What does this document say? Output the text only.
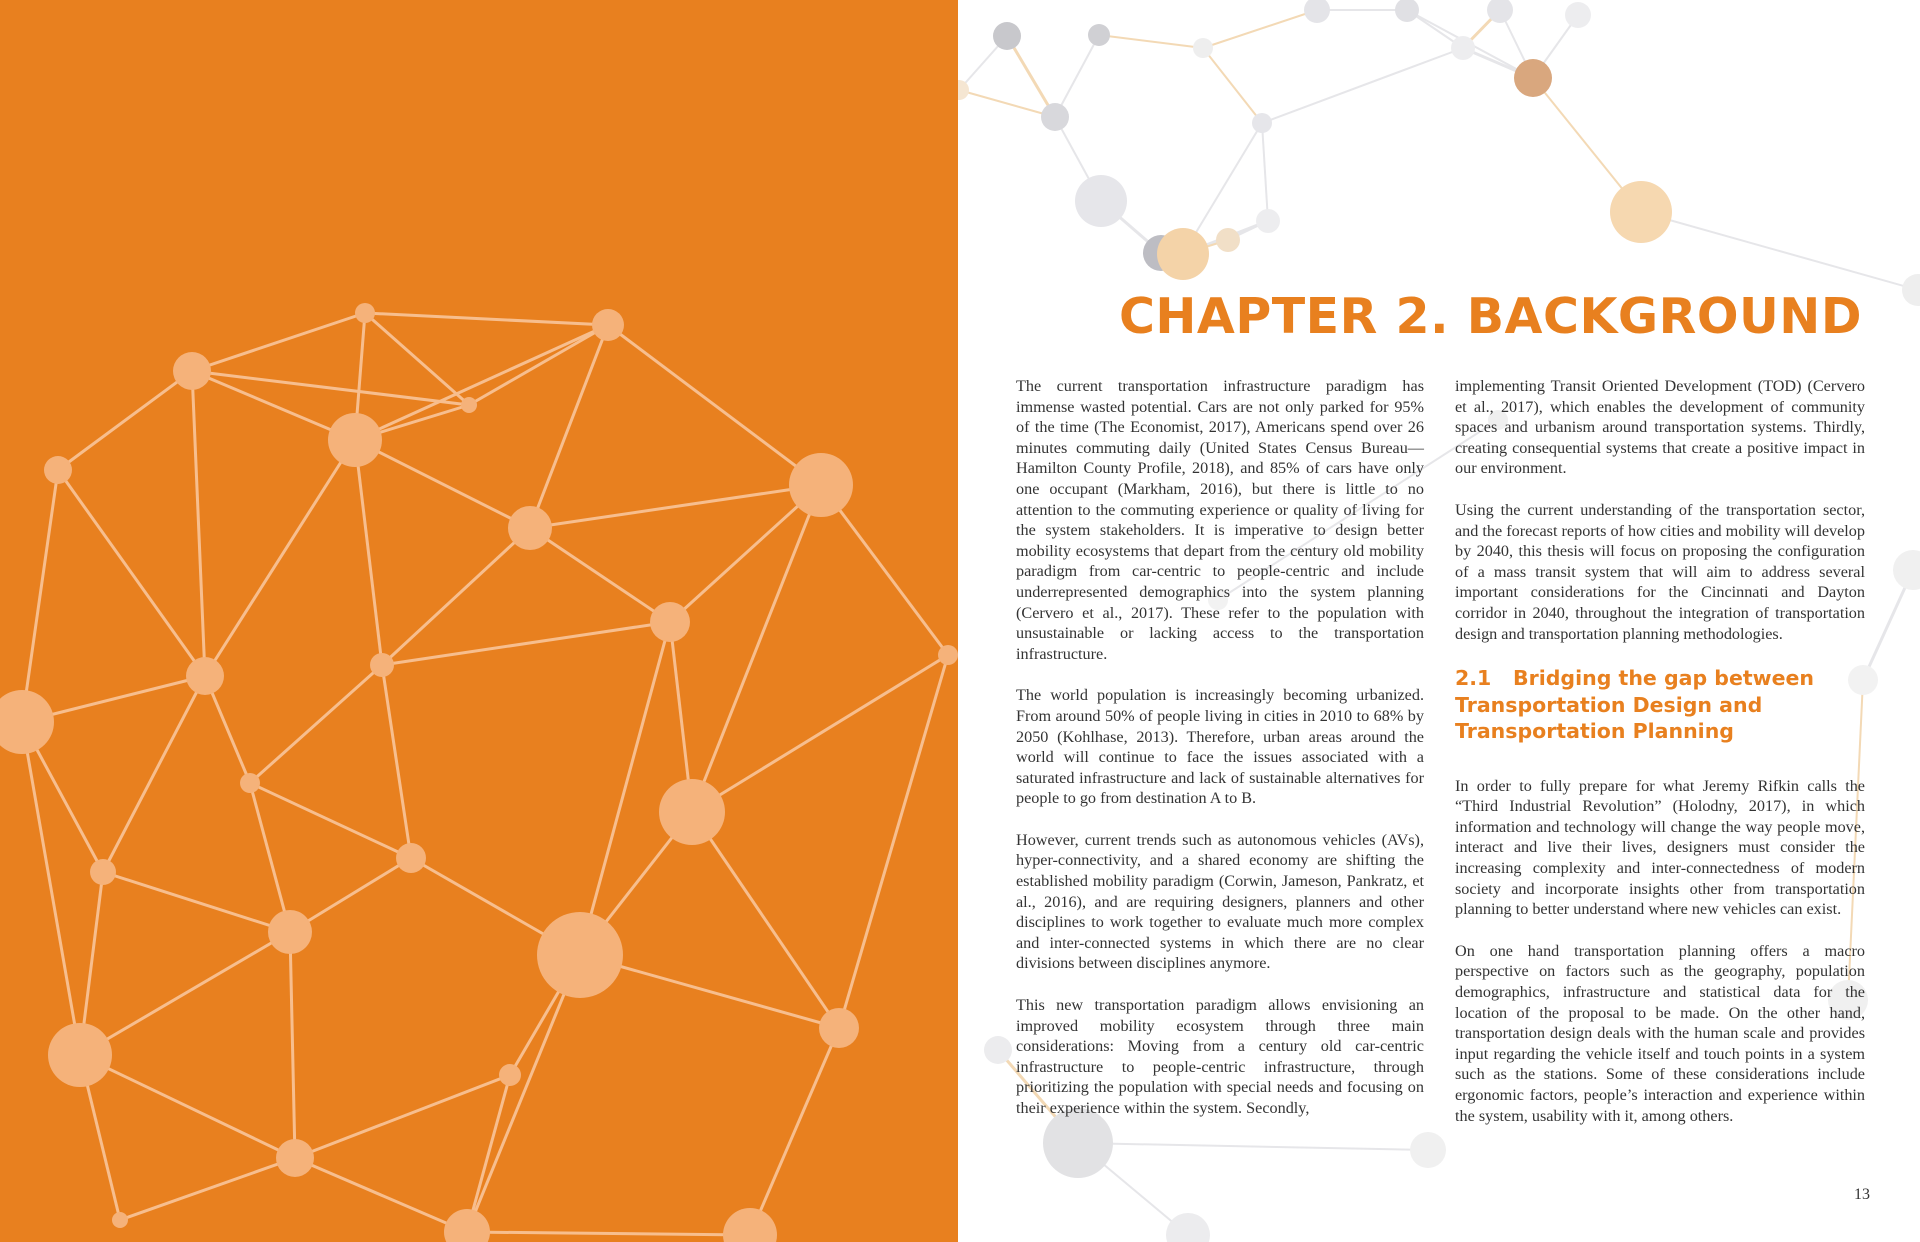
CHAPTER 2. BACKGROUND

The current transportation infrastructure paradigm has immense wasted potential. Cars are not only parked for 95% of the time (The Economist, 2017), Americans spend over 26 minutes commuting daily (United States Census Bureau—Hamilton County Profile, 2018), and 85% of cars have only one occupant (Markham, 2016), but there is little to no attention to the commuting experience or quality of living for the system stakeholders. It is imperative to design better mobility ecosystems that depart from the century old mobility paradigm from car-centric to people-centric and include underrepresented demographics into the system planning (Cervero et al., 2017). These refer to the population with unsustainable or lacking access to the transportation infrastructure.

The world population is increasingly becoming urbanized. From around 50% of people living in cities in 2010 to 68% by 2050 (Kohlhase, 2013). Therefore, urban areas around the world will continue to face the issues associated with a saturated infrastructure and lack of sustainable alternatives for people to go from destination A to B.

However, current trends such as autonomous vehicles (AVs), hyper-connectivity, and a shared economy are shifting the established mobility paradigm (Corwin, Jameson, Pankratz, et al., 2016), and are requiring designers, planners and other disciplines to work together to evaluate much more complex and inter-connected systems in which there are no clear divisions between disciplines anymore.

This new transportation paradigm allows envisioning an improved mobility ecosystem through three main considerations: Moving from a century old car-centric infrastructure to people-centric infrastructure, through prioritizing the population with special needs and focusing on their experience within the system. Secondly,

implementing Transit Oriented Development (TOD) (Cervero et al., 2017), which enables the development of community spaces and urbanism around transportation systems. Thirdly, creating consequential systems that create a positive impact in our environment.

Using the current understanding of the transportation sector, and the forecast reports of how cities and mobility will develop by 2040, this thesis will focus on proposing the configuration of a mass transit system that will aim to address several important considerations for the Cincinnati and Dayton corridor in 2040, throughout the integration of transportation design and transportation planning methodologies.

2.1 Bridging the gap between Transportation Design and Transportation Planning

In order to fully prepare for what Jeremy Rifkin calls the “Third Industrial Revolution” (Holodny, 2017), in which information and technology will change the way people move, interact and live their lives, designers must consider the increasing complexity and inter-connectedness of modern society and incorporate insights other from transportation planning to better understand where new vehicles can exist.

On one hand transportation planning offers a macro perspective on factors such as the geography, population demographics, infrastructure and statistical data for the location of the proposal to be made. On the other hand, transportation design deals with the human scale and provides input regarding the vehicle itself and touch points in a system such as the stations. Some of these considerations include ergonomic factors, people’s interaction and experience within the system, usability with it, among others.

13
